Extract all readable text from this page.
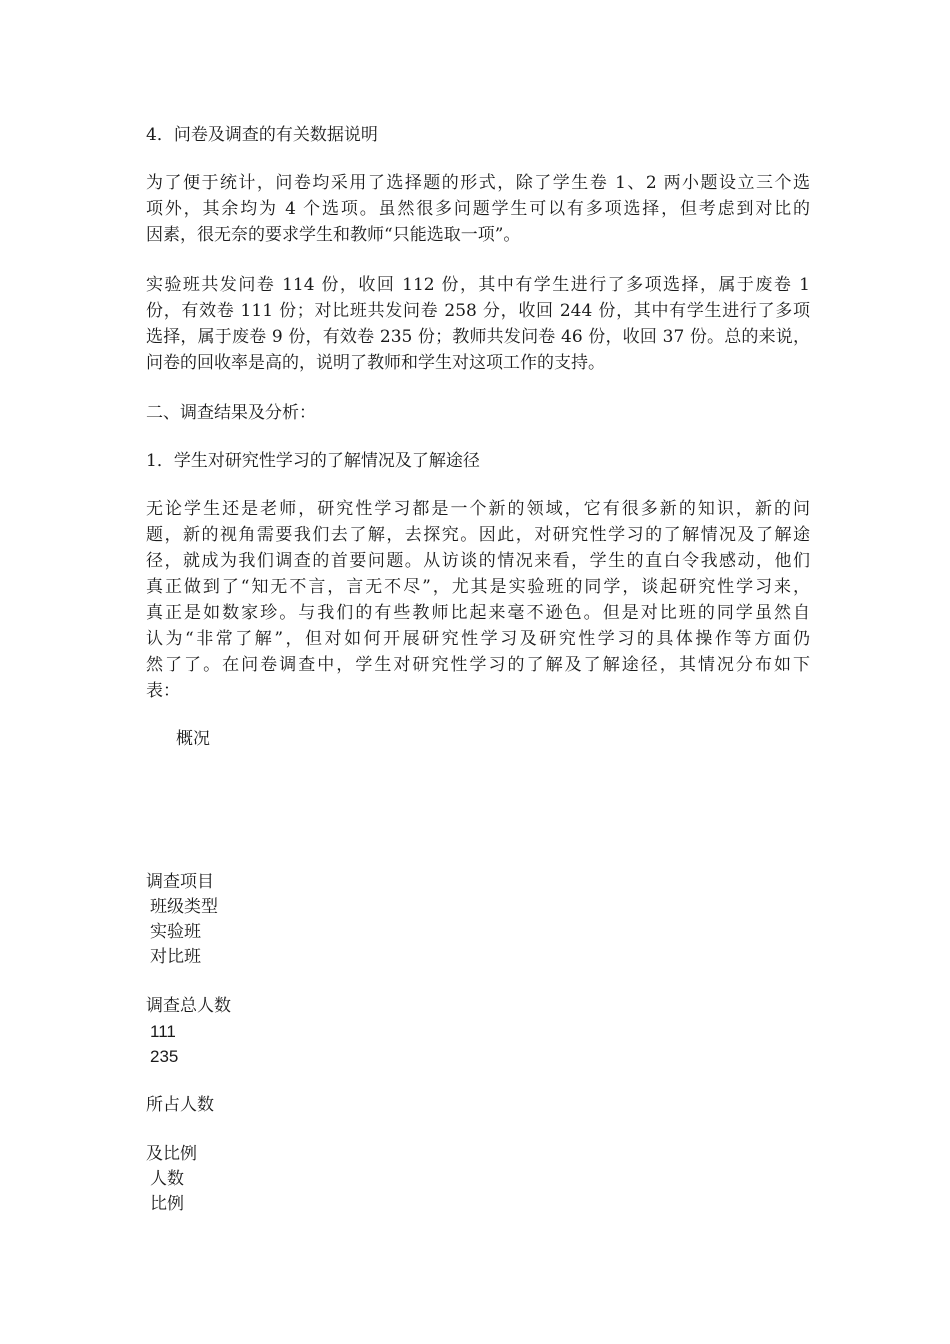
4．问卷及调查的有关数据说明
为了便于统计，问卷均采用了选择题的形式，除了学生卷 1、2 两小题设立三个选
项外，其余均为 4 个选项。虽然很多问题学生可以有多项选择，但考虑到对比的
因素，很无奈的要求学生和教师“只能选取一项”。
实验班共发问卷 114 份，收回 112 份，其中有学生进行了多项选择，属于废卷 1
份，有效卷 111 份；对比班共发问卷 258 分，收回 244 份，其中有学生进行了多项
选择，属于废卷 9 份，有效卷 235 份；教师共发问卷 46 份，收回 37 份。总的来说，
问卷的回收率是高的，说明了教师和学生对这项工作的支持。
二、调查结果及分析：
1．学生对研究性学习的了解情况及了解途径
无论学生还是老师，研究性学习都是一个新的领域，它有很多新的知识，新的问
题，新的视角需要我们去了解，去探究。因此，对研究性学习的了解情况及了解途
径，就成为我们调查的首要问题。从访谈的情况来看，学生的直白令我感动，他们
真正做到了“知无不言，言无不尽”，尤其是实验班的同学，谈起研究性学习来，
真正是如数家珍。与我们的有些教师比起来毫不逊色。但是对比班的同学虽然自
认为“非常了解”，但对如何开展研究性学习及研究性学习的具体操作等方面仍
然了了。在问卷调查中，学生对研究性学习的了解及了解途径，其情况分布如下
表：
概况
调查项目
班级类型
实验班
对比班
调查总人数
111
235
所占人数
及比例
人数
比例
